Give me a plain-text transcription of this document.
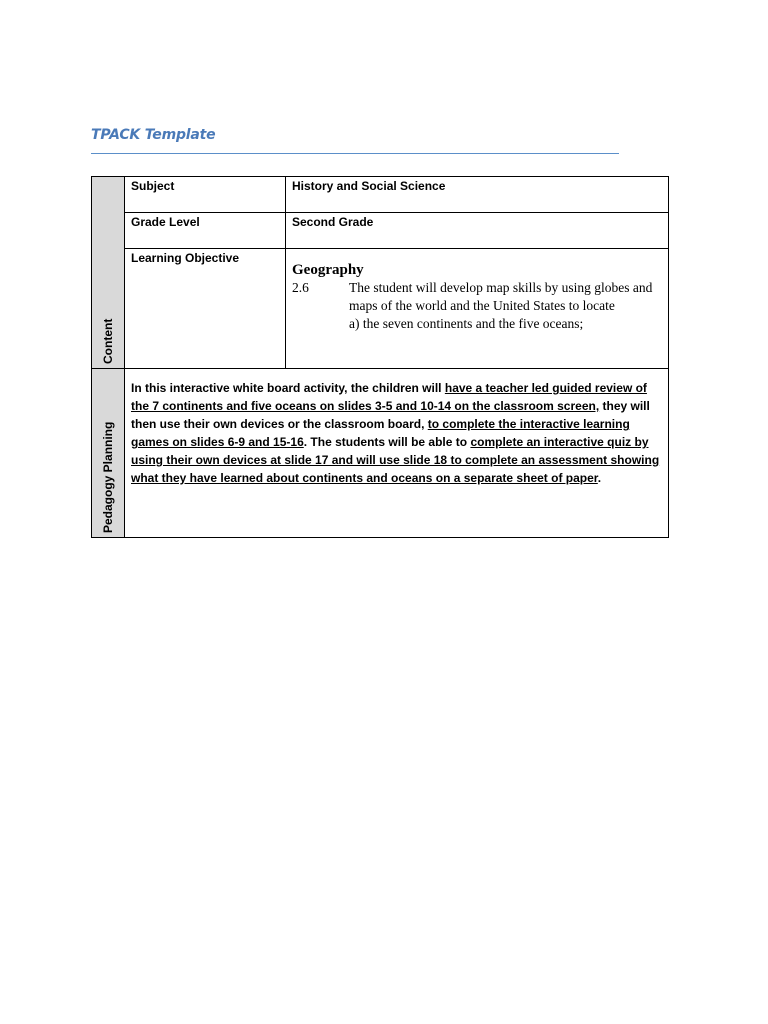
TPACK Template
Content	Subject	History and Social Science
	Grade Level	Second Grade
	Learning Objective	Geography
2.6 The student will develop map skills by using globes and maps of the world and the United States to locate
a) the seven continents and the five oceans;

Pedagogy Planning	In this interactive white board activity, the children will have a teacher led guided review of the 7 continents and five oceans on slides 3-5 and 10-14 on the classroom screen, they will then use their own devices or the classroom board, to complete the interactive learning games on slides 6-9 and 15-16. The students will be able to complete an interactive quiz by using their own devices at slide 17 and will use slide 18 to complete an assessment showing what they have learned about continents and oceans on a separate sheet of paper.	
